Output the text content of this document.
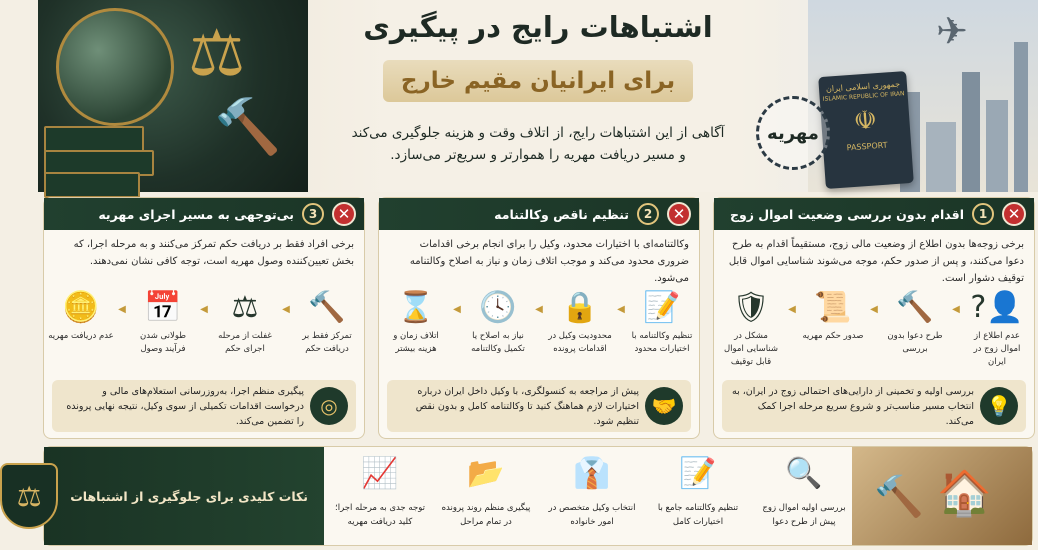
⚖
🔨
✈
جمهوری اسلامی ایران
ISLAMIC REPUBLIC OF IRAN
☫
PASSPORT
مهریه
اشتباهات رایج در پیگیری
برای ایرانیان مقیم خارج
آگاهی از این اشتباهات رایج، از اتلاف وقت و هزینه جلوگیری می‌کند
و مسیر دریافت مهریه را هموارتر و سریع‌تر می‌سازد.
✕
1
اقدام بدون بررسی وضعیت اموال زوج
برخی زوجه‌ها بدون اطلاع از وضعیت مالی زوج، مستقیماً اقدام به طرح دعوا می‌کنند، و پس از صدور حکم، موجه می‌شوند شناسایی اموال قابل توقیف دشوار است.
👤?
عدم اطلاع از اموال زوج در ایران
◀
🔨
طرح دعوا بدون بررسی
◀
📜
صدور حکم مهریه
◀
🛡
مشکل در شناسایی اموال قابل توقیف
💡
بررسی اولیه و تخمینی از دارایی‌های احتمالی زوج در ایران، به انتخاب مسیر مناسب‌تر و شروع سریع مرحله اجرا کمک می‌کند.
✕
2
تنظیم ناقص وکالتنامه
وکالتنامه‌ای با اختیارات محدود، وکیل را برای انجام برخی اقدامات ضروری محدود می‌کند و موجب اتلاف زمان و نیاز به اصلاح وکالتنامه می‌شود.
📝
تنظیم وکالتنامه با اختیارات محدود
◀
🔒
محدودیت وکیل در اقدامات پرونده
◀
🕓
نیاز به اصلاح یا تکمیل وکالتنامه
◀
⌛
اتلاف زمان و هزینه بیشتر
🤝
پیش از مراجعه به کنسولگری، با وکیل داخل ایران درباره اختیارات لازم هماهنگ کنید تا وکالتنامه کامل و بدون نقص تنظیم شود.
✕
3
بی‌توجهی به مسیر اجرای مهریه
برخی افراد فقط بر دریافت حکم تمرکز می‌کنند و به مرحله اجرا، که بخش تعیین‌کننده وصول مهریه است، توجه کافی نشان نمی‌دهند.
🔨
تمرکز فقط بر دریافت حکم
◀
⚖
غفلت از مرحله اجرای حکم
◀
📅
طولانی شدن فرآیند وصول
◀
🪙
عدم دریافت مهریه
◎
پیگیری منظم اجرا، به‌روزرسانی استعلام‌های مالی و درخواست اقدامات تکمیلی از سوی وکیل، نتیجه نهایی پرونده را تضمین می‌کند.
🏠
🔨
🔍
بررسی اولیه اموال زوج پیش از طرح دعوا
📝
تنظیم وکالتنامه جامع با اختیارات کامل
👔
انتخاب وکیل متخصص در امور خانواده
📂
پیگیری منظم روند پرونده در تمام مراحل
📈
توجه جدی به مرحله اجرا؛ کلید دریافت مهریه
نکات کلیدی برای جلوگیری از اشتباهات
⚖
